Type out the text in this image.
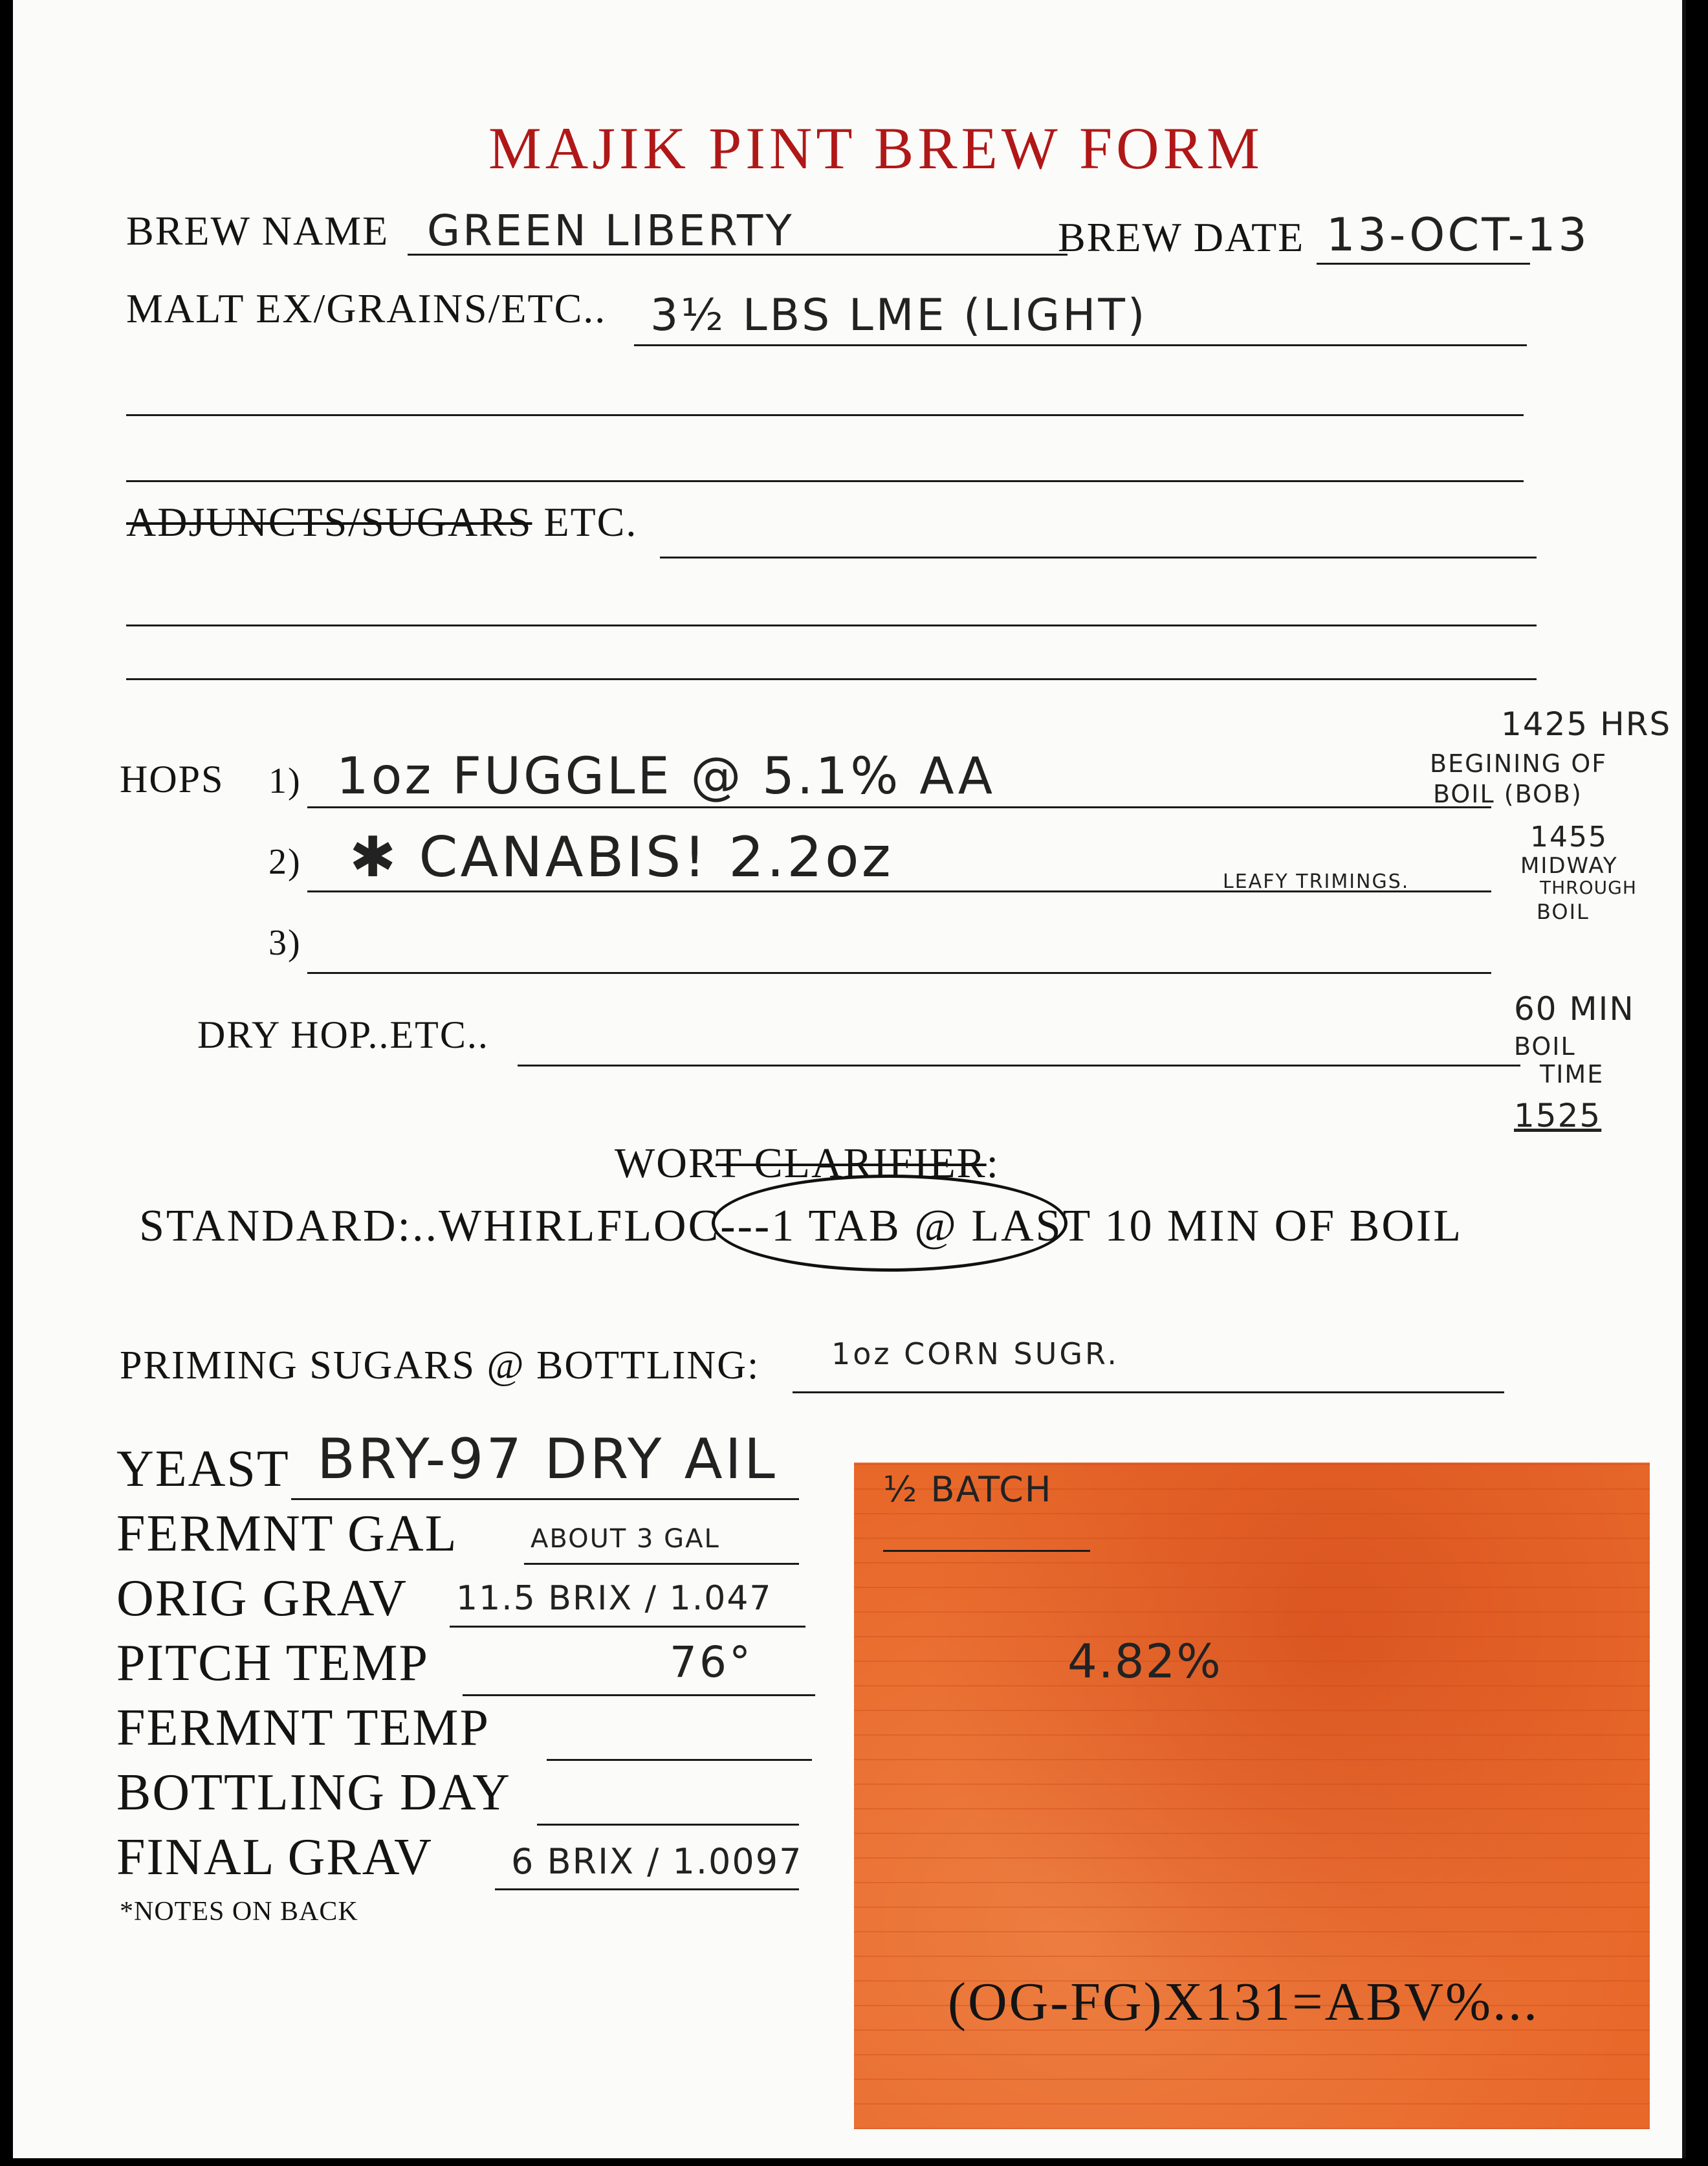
MAJIK PINT BREW FORM
BREW NAME GREEN LIBERTY	BREW DATE 13-OCT-13
MALT EX/GRAINS/ETC.. 3½ LBS LME (LIGHT)
ADJUNCTS/SUGARS ETC.
HOPS 1) 1oz FUGGLE @ 5.1% AA
2) ✱ CANABIS! 2.2oz	LEAFY TRIMINGS.
3)
DRY HOP..ETC..
1425 HRS
BEGINING OF
BOIL (BOB)
1455
MIDWAY
THROUGH
BOIL
60 MIN
BOIL
TIME
1525
WORT CLARIFIER:
STANDARD:..WHIRLFLOC---1 TAB @ LAST 10 MIN OF BOIL
PRIMING SUGARS @ BOTTLING: 1oz CORN SUGR.
YEAST BRY-97 DRY AIL
FERMNT GAL	ABOUT 3 GAL
ORIG GRAV 11.5 BRIX / 1.047
PITCH TEMP	76°
FERMNT TEMP
BOTTLING DAY
FINAL GRAV 6 BRIX / 1.0097
*NOTES ON BACK
½ BATCH
4.82%
(OG-FG)X131=ABV%...
